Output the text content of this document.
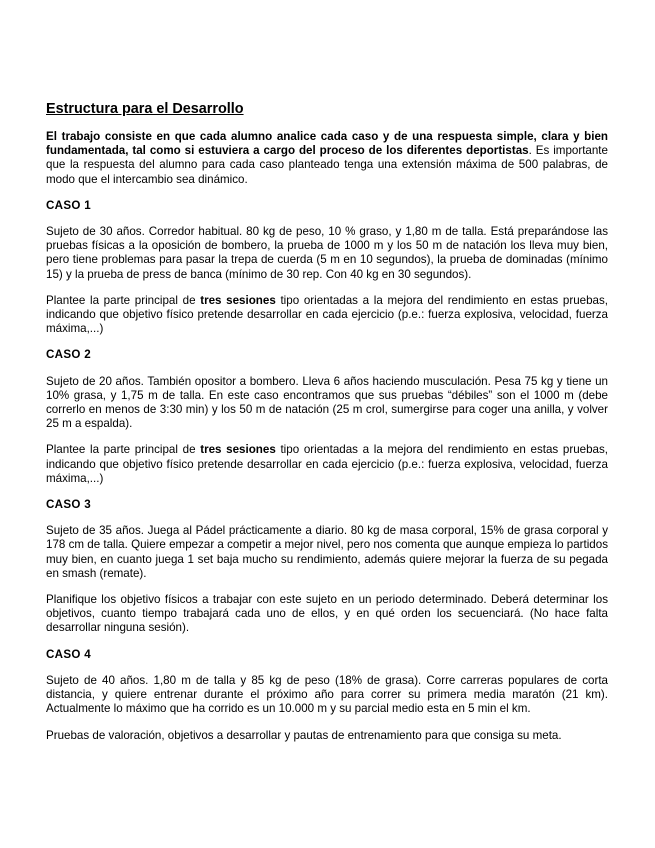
Estructura para el Desarrollo

El trabajo consiste en que cada alumno analice cada caso y de una respuesta simple, clara y bien fundamentada, tal como si estuviera a cargo del proceso de los diferentes deportistas. Es importante que la respuesta del alumno para cada caso planteado tenga una extensión máxima de 500 palabras, de modo que el intercambio sea dinámico.

CASO 1

Sujeto de 30 años. Corredor habitual. 80 kg de peso, 10 % graso, y 1,80 m de talla. Está preparándose las pruebas físicas a la oposición de bombero, la prueba de 1000 m y los 50 m de natación los lleva muy bien, pero tiene problemas para pasar la trepa de cuerda (5 m en 10 segundos), la prueba de dominadas (mínimo 15) y la prueba de press de banca (mínimo de 30 rep. Con 40 kg en 30 segundos).

Plantee la parte principal de tres sesiones tipo orientadas a la mejora del rendimiento en estas pruebas, indicando que objetivo físico pretende desarrollar en cada ejercicio (p.e.: fuerza explosiva, velocidad, fuerza máxima,...)

CASO 2

Sujeto de 20 años. También opositor a bombero. Lleva 6 años haciendo musculación. Pesa 75 kg y tiene un 10% grasa, y 1,75 m de talla. En este caso encontramos que sus pruebas “débiles” son el 1000 m (debe correrlo en menos de 3:30 min) y los 50 m de natación (25 m crol, sumergirse para coger una anilla, y volver 25 m a espalda).

Plantee la parte principal de tres sesiones tipo orientadas a la mejora del rendimiento en estas pruebas, indicando que objetivo físico pretende desarrollar en cada ejercicio (p.e.: fuerza explosiva, velocidad, fuerza máxima,...)

CASO 3

Sujeto de 35 años. Juega al Pádel prácticamente a diario. 80 kg de masa corporal, 15% de grasa corporal y 178 cm de talla. Quiere empezar a competir a mejor nivel, pero nos comenta que aunque empieza lo partidos muy bien, en cuanto juega 1 set baja mucho su rendimiento, además quiere mejorar la fuerza de su pegada en smash (remate).

Planifique los objetivo físicos a trabajar con este sujeto en un periodo determinado. Deberá determinar los objetivos, cuanto tiempo trabajará cada uno de ellos, y en qué orden los secuenciará. (No hace falta desarrollar ninguna sesión).

CASO 4

Sujeto de 40 años. 1,80 m de talla y 85 kg de peso (18% de grasa). Corre carreras populares de corta distancia, y quiere entrenar durante el próximo año para correr su primera media maratón (21 km). Actualmente lo máximo que ha corrido es un 10.000 m y su parcial medio esta en 5 min el km.

Pruebas de valoración, objetivos a desarrollar y pautas de entrenamiento para que consiga su meta.
